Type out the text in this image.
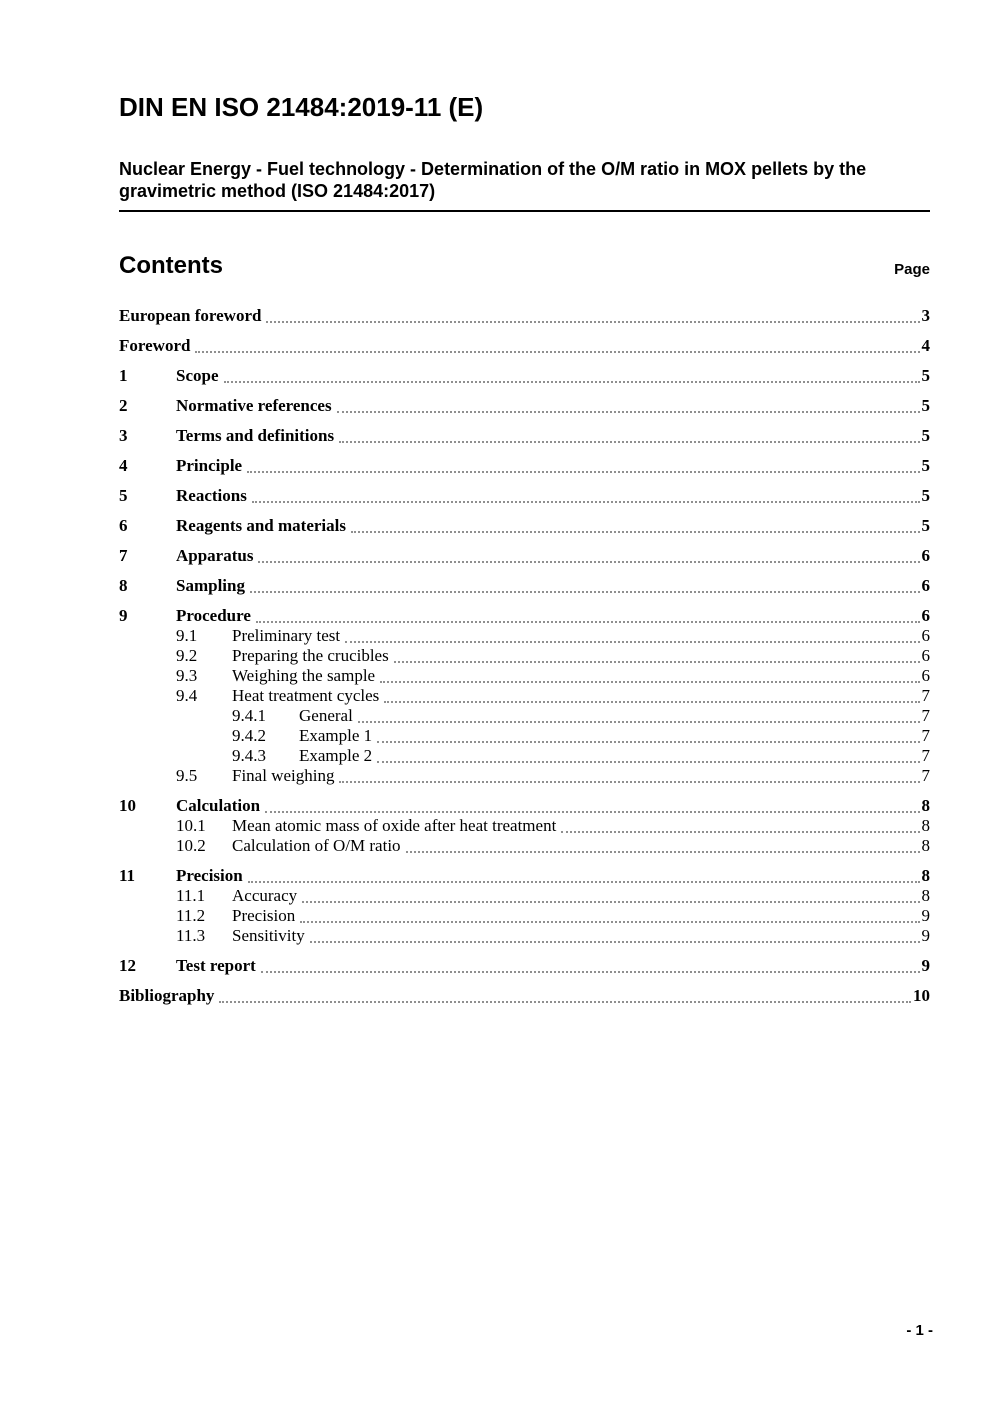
DIN EN ISO 21484:2019-11 (E)
Nuclear Energy - Fuel technology - Determination of the O/M ratio in MOX pellets by the gravimetric method (ISO 21484:2017)
Contents	Page
European foreword	3
Foreword	4
1	Scope	5
2	Normative references	5
3	Terms and definitions	5
4	Principle	5
5	Reactions	5
6	Reagents and materials	5
7	Apparatus	6
8	Sampling	6
9	Procedure	6
9.1	Preliminary test	6
9.2	Preparing the crucibles	6
9.3	Weighing the sample	6
9.4	Heat treatment cycles	7
9.4.1	General	7
9.4.2	Example 1	7
9.4.3	Example 2	7
9.5	Final weighing	7
10	Calculation	8
10.1	Mean atomic mass of oxide after heat treatment	8
10.2	Calculation of O/M ratio	8
11	Precision	8
11.1	Accuracy	8
11.2	Precision	9
11.3	Sensitivity	9
12	Test report	9
Bibliography	10
- 1 -
